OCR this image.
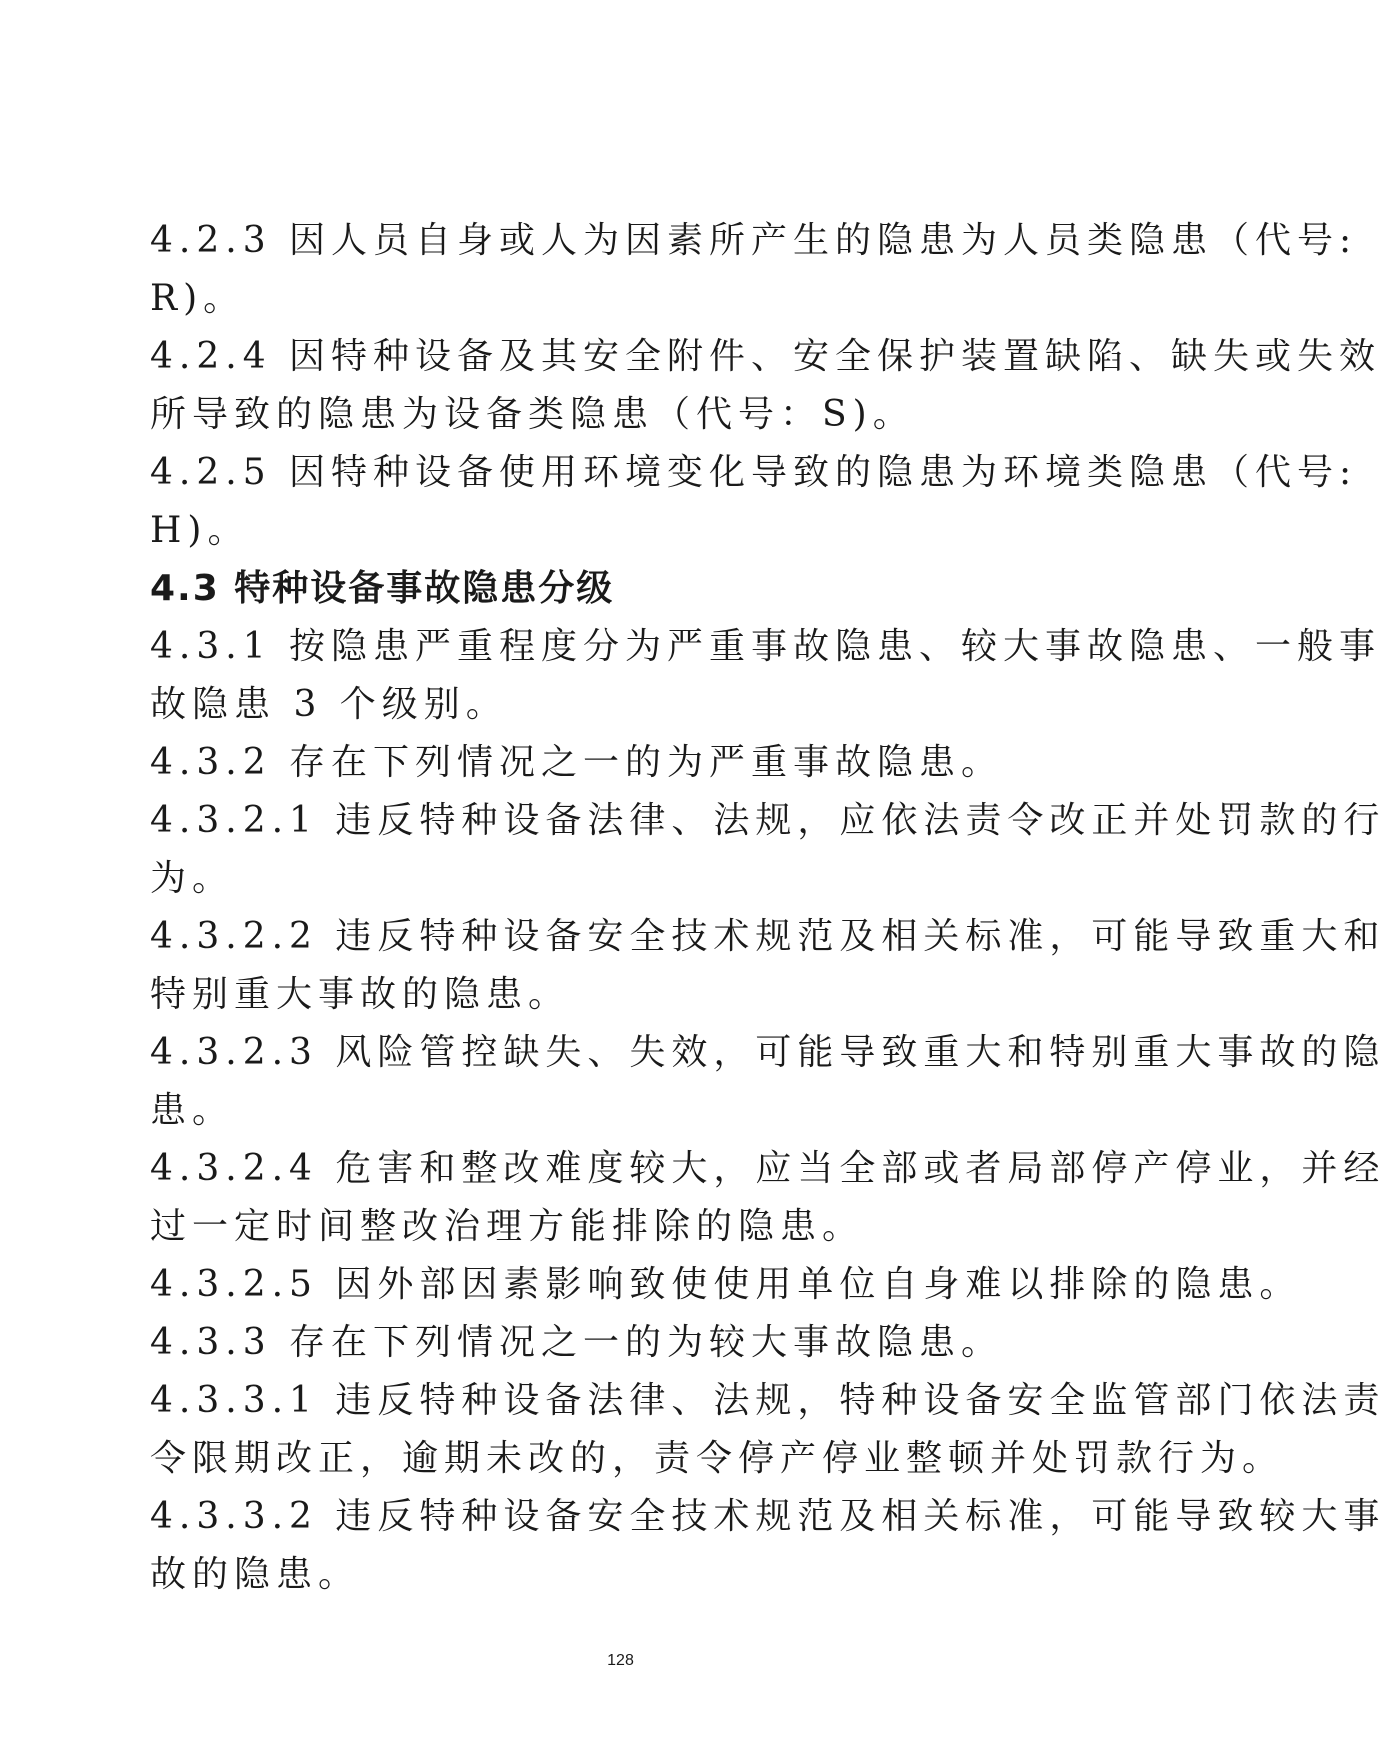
4.2.3 因人员自身或人为因素所产生的隐患为人员类隐患（代号:
R)。
4.2.4 因特种设备及其安全附件、安全保护装置缺陷、缺失或失效
所导致的隐患为设备类隐患（代号：S)。
4.2.5 因特种设备使用环境变化导致的隐患为环境类隐患（代号:
H)。
4.3 特种设备事故隐患分级
4.3.1 按隐患严重程度分为严重事故隐患、较大事故隐患、一般事
故隐患 3 个级别。
4.3.2 存在下列情况之一的为严重事故隐患。
4.3.2.1 违反特种设备法律、法规，应依法责令改正并处罚款的行
为。
4.3.2.2 违反特种设备安全技术规范及相关标准，可能导致重大和
特别重大事故的隐患。
4.3.2.3 风险管控缺失、失效，可能导致重大和特别重大事故的隐
患。
4.3.2.4 危害和整改难度较大，应当全部或者局部停产停业，并经
过一定时间整改治理方能排除的隐患。
4.3.2.5 因外部因素影响致使使用单位自身难以排除的隐患。
4.3.3 存在下列情况之一的为较大事故隐患。
4.3.3.1 违反特种设备法律、法规，特种设备安全监管部门依法责
令限期改正，逾期未改的，责令停产停业整顿并处罚款行为。
4.3.3.2 违反特种设备安全技术规范及相关标准，可能导致较大事
故的隐患。
128
